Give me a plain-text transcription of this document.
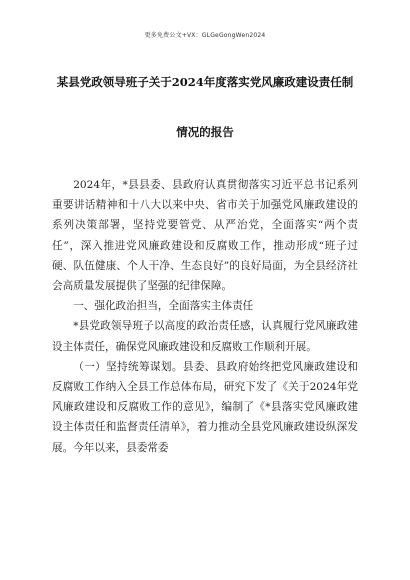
更多免费公文+VX：GLGeGongWen2024
某县党政领导班子关于2024年度落实党风廉政建设责任制
情况的报告

2024年，*县县委、县政府认真贯彻落实习近平总书记系列重要讲话精神和十八大以来中央、省市关于加强党风廉政建设的系列决策部署，坚持党要管党、从严治党，全面落实“两个责任”，深入推进党风廉政建设和反腐败工作，推动形成“班子过硬、队伍健康、个人干净、生态良好”的良好局面，为全县经济社会高质量发展提供了坚强的纪律保障。

一、强化政治担当，全面落实主体责任

*县党政领导班子以高度的政治责任感，认真履行党风廉政建设主体责任，确保党风廉政建设和反腐败工作顺利开展。

（一）坚持统筹谋划。县委、县政府始终把党风廉政建设和反腐败工作纳入全县工作总体布局，研究下发了《关于2024年党风廉政建设和反腐败工作的意见》，编制了《*县落实党风廉政建设主体责任和监督责任清单》，着力推动全县党风廉政建设纵深发展。今年以来，县委常委
